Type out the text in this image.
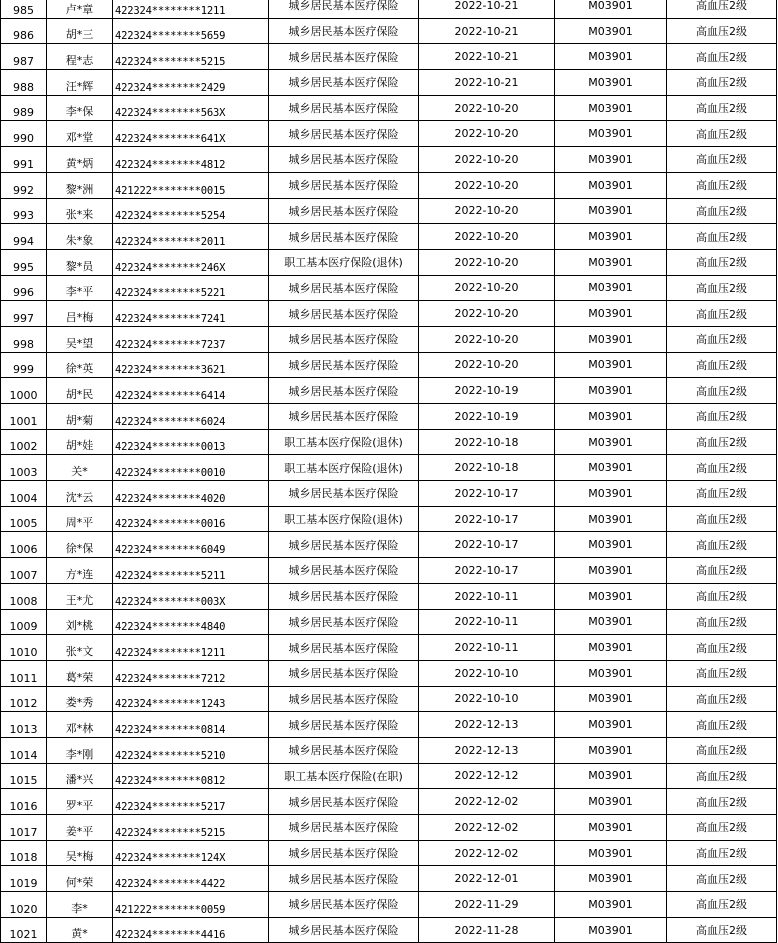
985	卢*章	422324********1211	城乡居民基本医疗保险	2022-10-21	M03901	高血压2级
986	胡*三	422324********5659	城乡居民基本医疗保险	2022-10-21	M03901	高血压2级
987	程*志	422324********5215	城乡居民基本医疗保险	2022-10-21	M03901	高血压2级
988	汪*辉	422324********2429	城乡居民基本医疗保险	2022-10-21	M03901	高血压2级
989	李*保	422324********563X	城乡居民基本医疗保险	2022-10-20	M03901	高血压2级
990	邓*堂	422324********641X	城乡居民基本医疗保险	2022-10-20	M03901	高血压2级
991	黄*炳	422324********4812	城乡居民基本医疗保险	2022-10-20	M03901	高血压2级
992	黎*洲	421222********0015	城乡居民基本医疗保险	2022-10-20	M03901	高血压2级
993	张*来	422324********5254	城乡居民基本医疗保险	2022-10-20	M03901	高血压2级
994	朱*象	422324********2011	城乡居民基本医疗保险	2022-10-20	M03901	高血压2级
995	黎*员	422324********246X	职工基本医疗保险(退休)	2022-10-20	M03901	高血压2级
996	李*平	422324********5221	城乡居民基本医疗保险	2022-10-20	M03901	高血压2级
997	吕*梅	422324********7241	城乡居民基本医疗保险	2022-10-20	M03901	高血压2级
998	吴*望	422324********7237	城乡居民基本医疗保险	2022-10-20	M03901	高血压2级
999	徐*英	422324********3621	城乡居民基本医疗保险	2022-10-20	M03901	高血压2级
1000	胡*民	422324********6414	城乡居民基本医疗保险	2022-10-19	M03901	高血压2级
1001	胡*菊	422324********6024	城乡居民基本医疗保险	2022-10-19	M03901	高血压2级
1002	胡*娃	422324********0013	职工基本医疗保险(退休)	2022-10-18	M03901	高血压2级
1003	关*	422324********0010	职工基本医疗保险(退休)	2022-10-18	M03901	高血压2级
1004	沈*云	422324********4020	城乡居民基本医疗保险	2022-10-17	M03901	高血压2级
1005	周*平	422324********0016	职工基本医疗保险(退休)	2022-10-17	M03901	高血压2级
1006	徐*保	422324********6049	城乡居民基本医疗保险	2022-10-17	M03901	高血压2级
1007	方*连	422324********5211	城乡居民基本医疗保险	2022-10-17	M03901	高血压2级
1008	王*尤	422324********003X	城乡居民基本医疗保险	2022-10-11	M03901	高血压2级
1009	刘*桃	422324********4840	城乡居民基本医疗保险	2022-10-11	M03901	高血压2级
1010	张*文	422324********1211	城乡居民基本医疗保险	2022-10-11	M03901	高血压2级
1011	葛*荣	422324********7212	城乡居民基本医疗保险	2022-10-10	M03901	高血压2级
1012	娄*秀	422324********1243	城乡居民基本医疗保险	2022-10-10	M03901	高血压2级
1013	邓*林	422324********0814	城乡居民基本医疗保险	2022-12-13	M03901	高血压2级
1014	李*刚	422324********5210	城乡居民基本医疗保险	2022-12-13	M03901	高血压2级
1015	潘*兴	422324********0812	职工基本医疗保险(在职)	2022-12-12	M03901	高血压2级
1016	罗*平	422324********5217	城乡居民基本医疗保险	2022-12-02	M03901	高血压2级
1017	姜*平	422324********5215	城乡居民基本医疗保险	2022-12-02	M03901	高血压2级
1018	吴*梅	422324********124X	城乡居民基本医疗保险	2022-12-02	M03901	高血压2级
1019	何*荣	422324********4422	城乡居民基本医疗保险	2022-12-01	M03901	高血压2级
1020	李*	421222********0059	城乡居民基本医疗保险	2022-11-29	M03901	高血压2级
1021	黄*	422324********4416	城乡居民基本医疗保险	2022-11-28	M03901	高血压2级
